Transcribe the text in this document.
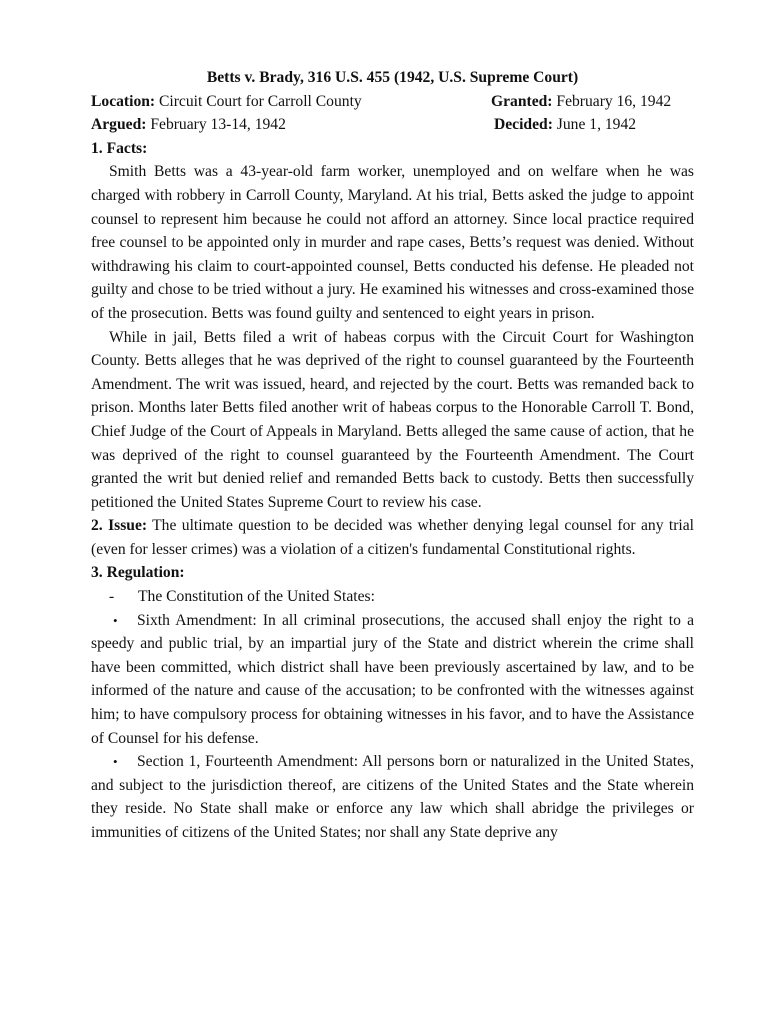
Betts v. Brady, 316 U.S. 455 (1942, U.S. Supreme Court)

Location: Circuit Court for Carroll County	Granted: February 16, 1942
Argued: February 13-14, 1942	Decided: June 1, 1942

1. Facts:

Smith Betts was a 43-year-old farm worker, unemployed and on welfare when he was charged with robbery in Carroll County, Maryland. At his trial, Betts asked the judge to appoint counsel to represent him because he could not afford an attorney. Since local practice required free counsel to be appointed only in murder and rape cases, Betts’s request was denied. Without withdrawing his claim to court-appointed counsel, Betts conducted his defense. He pleaded not guilty and chose to be tried without a jury. He examined his witnesses and cross-examined those of the prosecution. Betts was found guilty and sentenced to eight years in prison.

While in jail, Betts filed a writ of habeas corpus with the Circuit Court for Washington County. Betts alleges that he was deprived of the right to counsel guaranteed by the Fourteenth Amendment. The writ was issued, heard, and rejected by the court. Betts was remanded back to prison. Months later Betts filed another writ of habeas corpus to the Honorable Carroll T. Bond, Chief Judge of the Court of Appeals in Maryland. Betts alleged the same cause of action, that he was deprived of the right to counsel guaranteed by the Fourteenth Amendment. The Court granted the writ but denied relief and remanded Betts back to custody. Betts then successfully petitioned the United States Supreme Court to review his case.

2. Issue: The ultimate question to be decided was whether denying legal counsel for any trial (even for lesser crimes) was a violation of a citizen's fundamental Constitutional rights.

3. Regulation:

-	The Constitution of the United States:

• Sixth Amendment: In all criminal prosecutions, the accused shall enjoy the right to a speedy and public trial, by an impartial jury of the State and district wherein the crime shall have been committed, which district shall have been previously ascertained by law, and to be informed of the nature and cause of the accusation; to be confronted with the witnesses against him; to have compulsory process for obtaining witnesses in his favor, and to have the Assistance of Counsel for his defense.

• Section 1, Fourteenth Amendment: All persons born or naturalized in the United States, and subject to the jurisdiction thereof, are citizens of the United States and the State wherein they reside. No State shall make or enforce any law which shall abridge the privileges or immunities of citizens of the United States; nor shall any State deprive any
